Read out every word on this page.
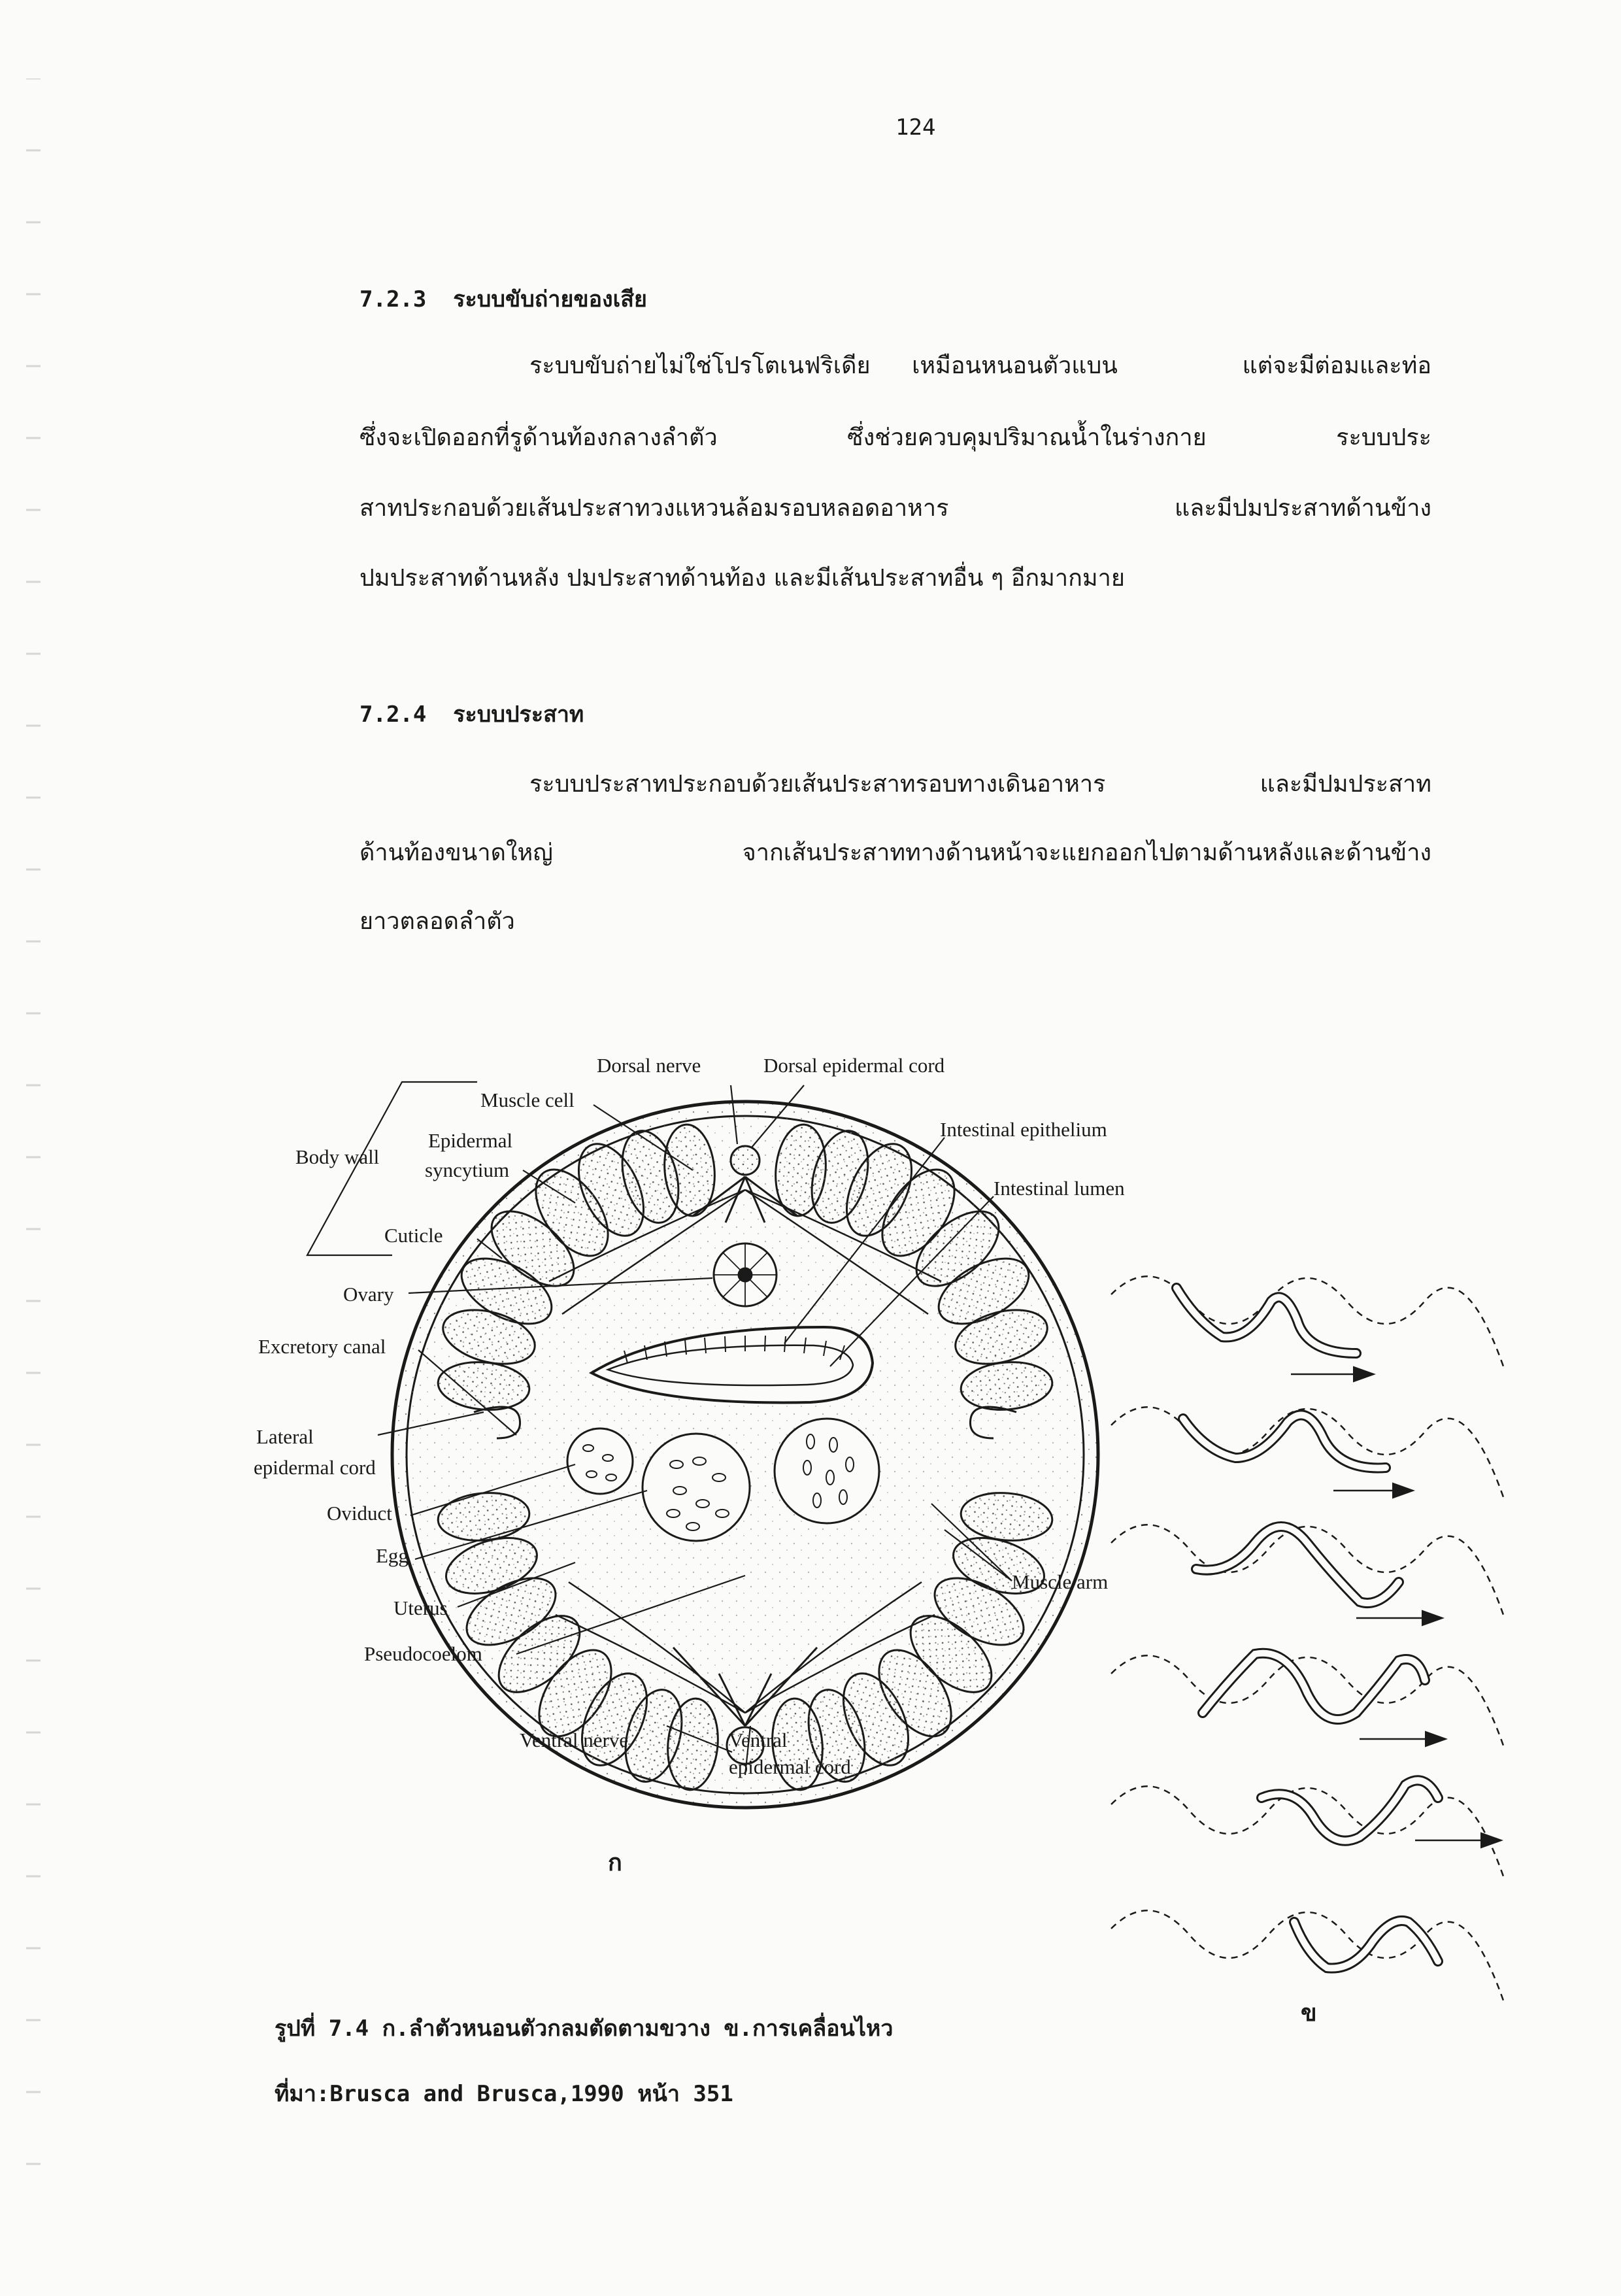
124
7.2.3  ระบบขับถ่ายของเสีย
ระบบขับถ่ายไม่ใช่โปรโตเนฟริเดีย เหมือนหนอนตัวแบน   แต่จะมีต่อมและท่อ
ซึ่งจะเปิดออกที่รูด้านท้องกลางลำตัว    ซึ่งช่วยควบคุมปริมาณน้ำในร่างกาย    ระบบประ
สาทประกอบด้วยเส้นประสาทวงแหวนล้อมรอบหลอดอาหาร       และมีปมประสาทด้านข้าง
ปมประสาทด้านหลัง ปมประสาทด้านท้อง และมีเส้นประสาทอื่น ๆ อีกมากมาย
7.2.4  ระบบประสาท
ระบบประสาทประกอบด้วยเส้นประสาทรอบทางเดินอาหาร และมีปมประสาท
ด้านท้องขนาดใหญ่    จากเส้นประสาททางด้านหน้าจะแยกออกไปตามด้านหลังและด้านข้าง
ยาวตลอดลำตัว
Dorsal nerve	Dorsal epidermal cord
Muscle cell
Body wall
Epidermal
syncytium
Cuticle
Ovary
Excretory canal
Lateral
epidermal cord
Oviduct
Egg
Uterus
Pseudocoelom
Intestinal epithelium
Intestinal lumen
Muscle arm
Ventral nerve	Ventral
epidermal cord
ก
ข
รูปที่ 7.4 ก.ลำตัวหนอนตัวกลมตัดตามขวาง ข.การเคลื่อนไหว
ที่มา:Brusca and Brusca,1990 หน้า 351
